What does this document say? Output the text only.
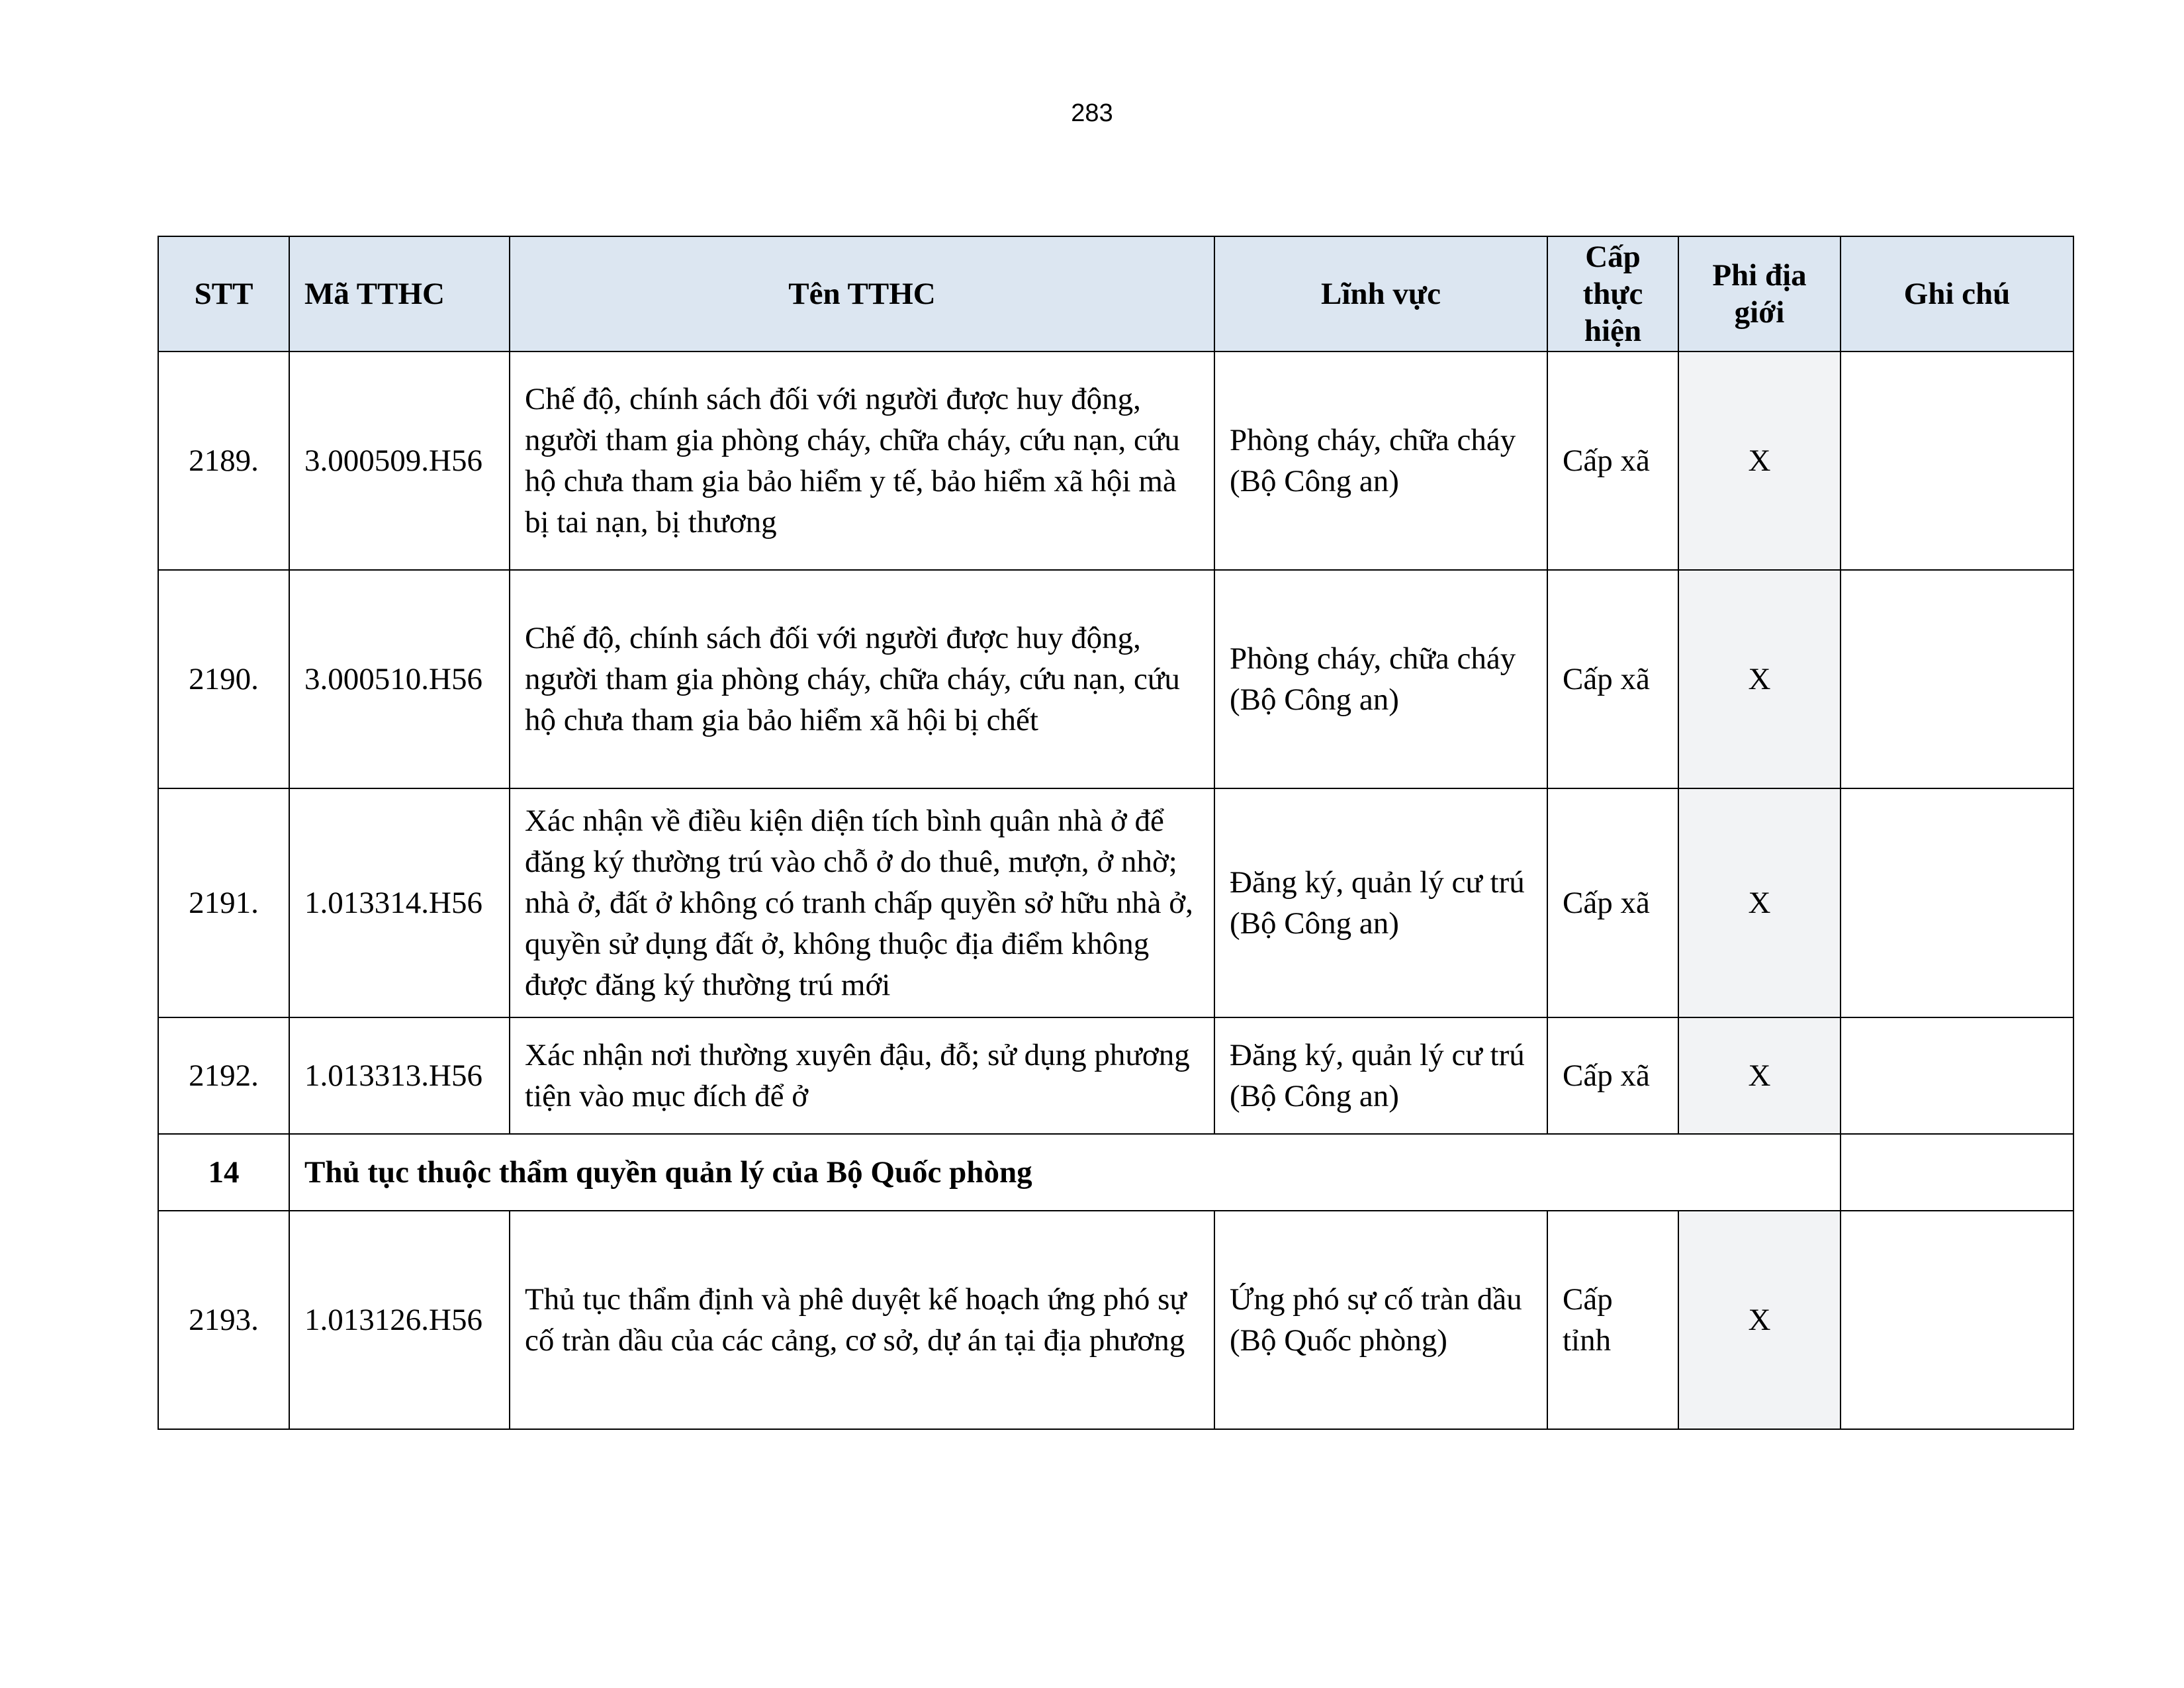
283
STT	Mã TTHC	Tên TTHC	Lĩnh vực	Cấp thực hiện	Phi địa giới	Ghi chú
2189.	3.000509.H56	Chế độ, chính sách đối với người được huy động, người tham gia phòng cháy, chữa cháy, cứu nạn, cứu hộ chưa tham gia bảo hiểm y tế, bảo hiểm xã hội mà bị tai nạn, bị thương	Phòng cháy, chữa cháy (Bộ Công an)	Cấp xã	X	
2190.	3.000510.H56	Chế độ, chính sách đối với người được huy động, người tham gia phòng cháy, chữa cháy, cứu nạn, cứu hộ chưa tham gia bảo hiểm xã hội bị chết	Phòng cháy, chữa cháy (Bộ Công an)	Cấp xã	X	
2191.	1.013314.H56	Xác nhận về điều kiện diện tích bình quân nhà ở để đăng ký thường trú vào chỗ ở do thuê, mượn, ở nhờ; nhà ở, đất ở không có tranh chấp quyền sở hữu nhà ở, quyền sử dụng đất ở, không thuộc địa điểm không được đăng ký thường trú mới	Đăng ký, quản lý cư trú (Bộ Công an)	Cấp xã	X	
2192.	1.013313.H56	Xác nhận nơi thường xuyên đậu, đỗ; sử dụng phương tiện vào mục đích để ở	Đăng ký, quản lý cư trú (Bộ Công an)	Cấp xã	X	
14	Thủ tục thuộc thẩm quyền quản lý của Bộ Quốc phòng					
2193.	1.013126.H56	Thủ tục thẩm định và phê duyệt kế hoạch ứng phó sự cố tràn dầu của các cảng, cơ sở, dự án tại địa phương	Ứng phó sự cố tràn dầu (Bộ Quốc phòng)	Cấp tỉnh	X	
